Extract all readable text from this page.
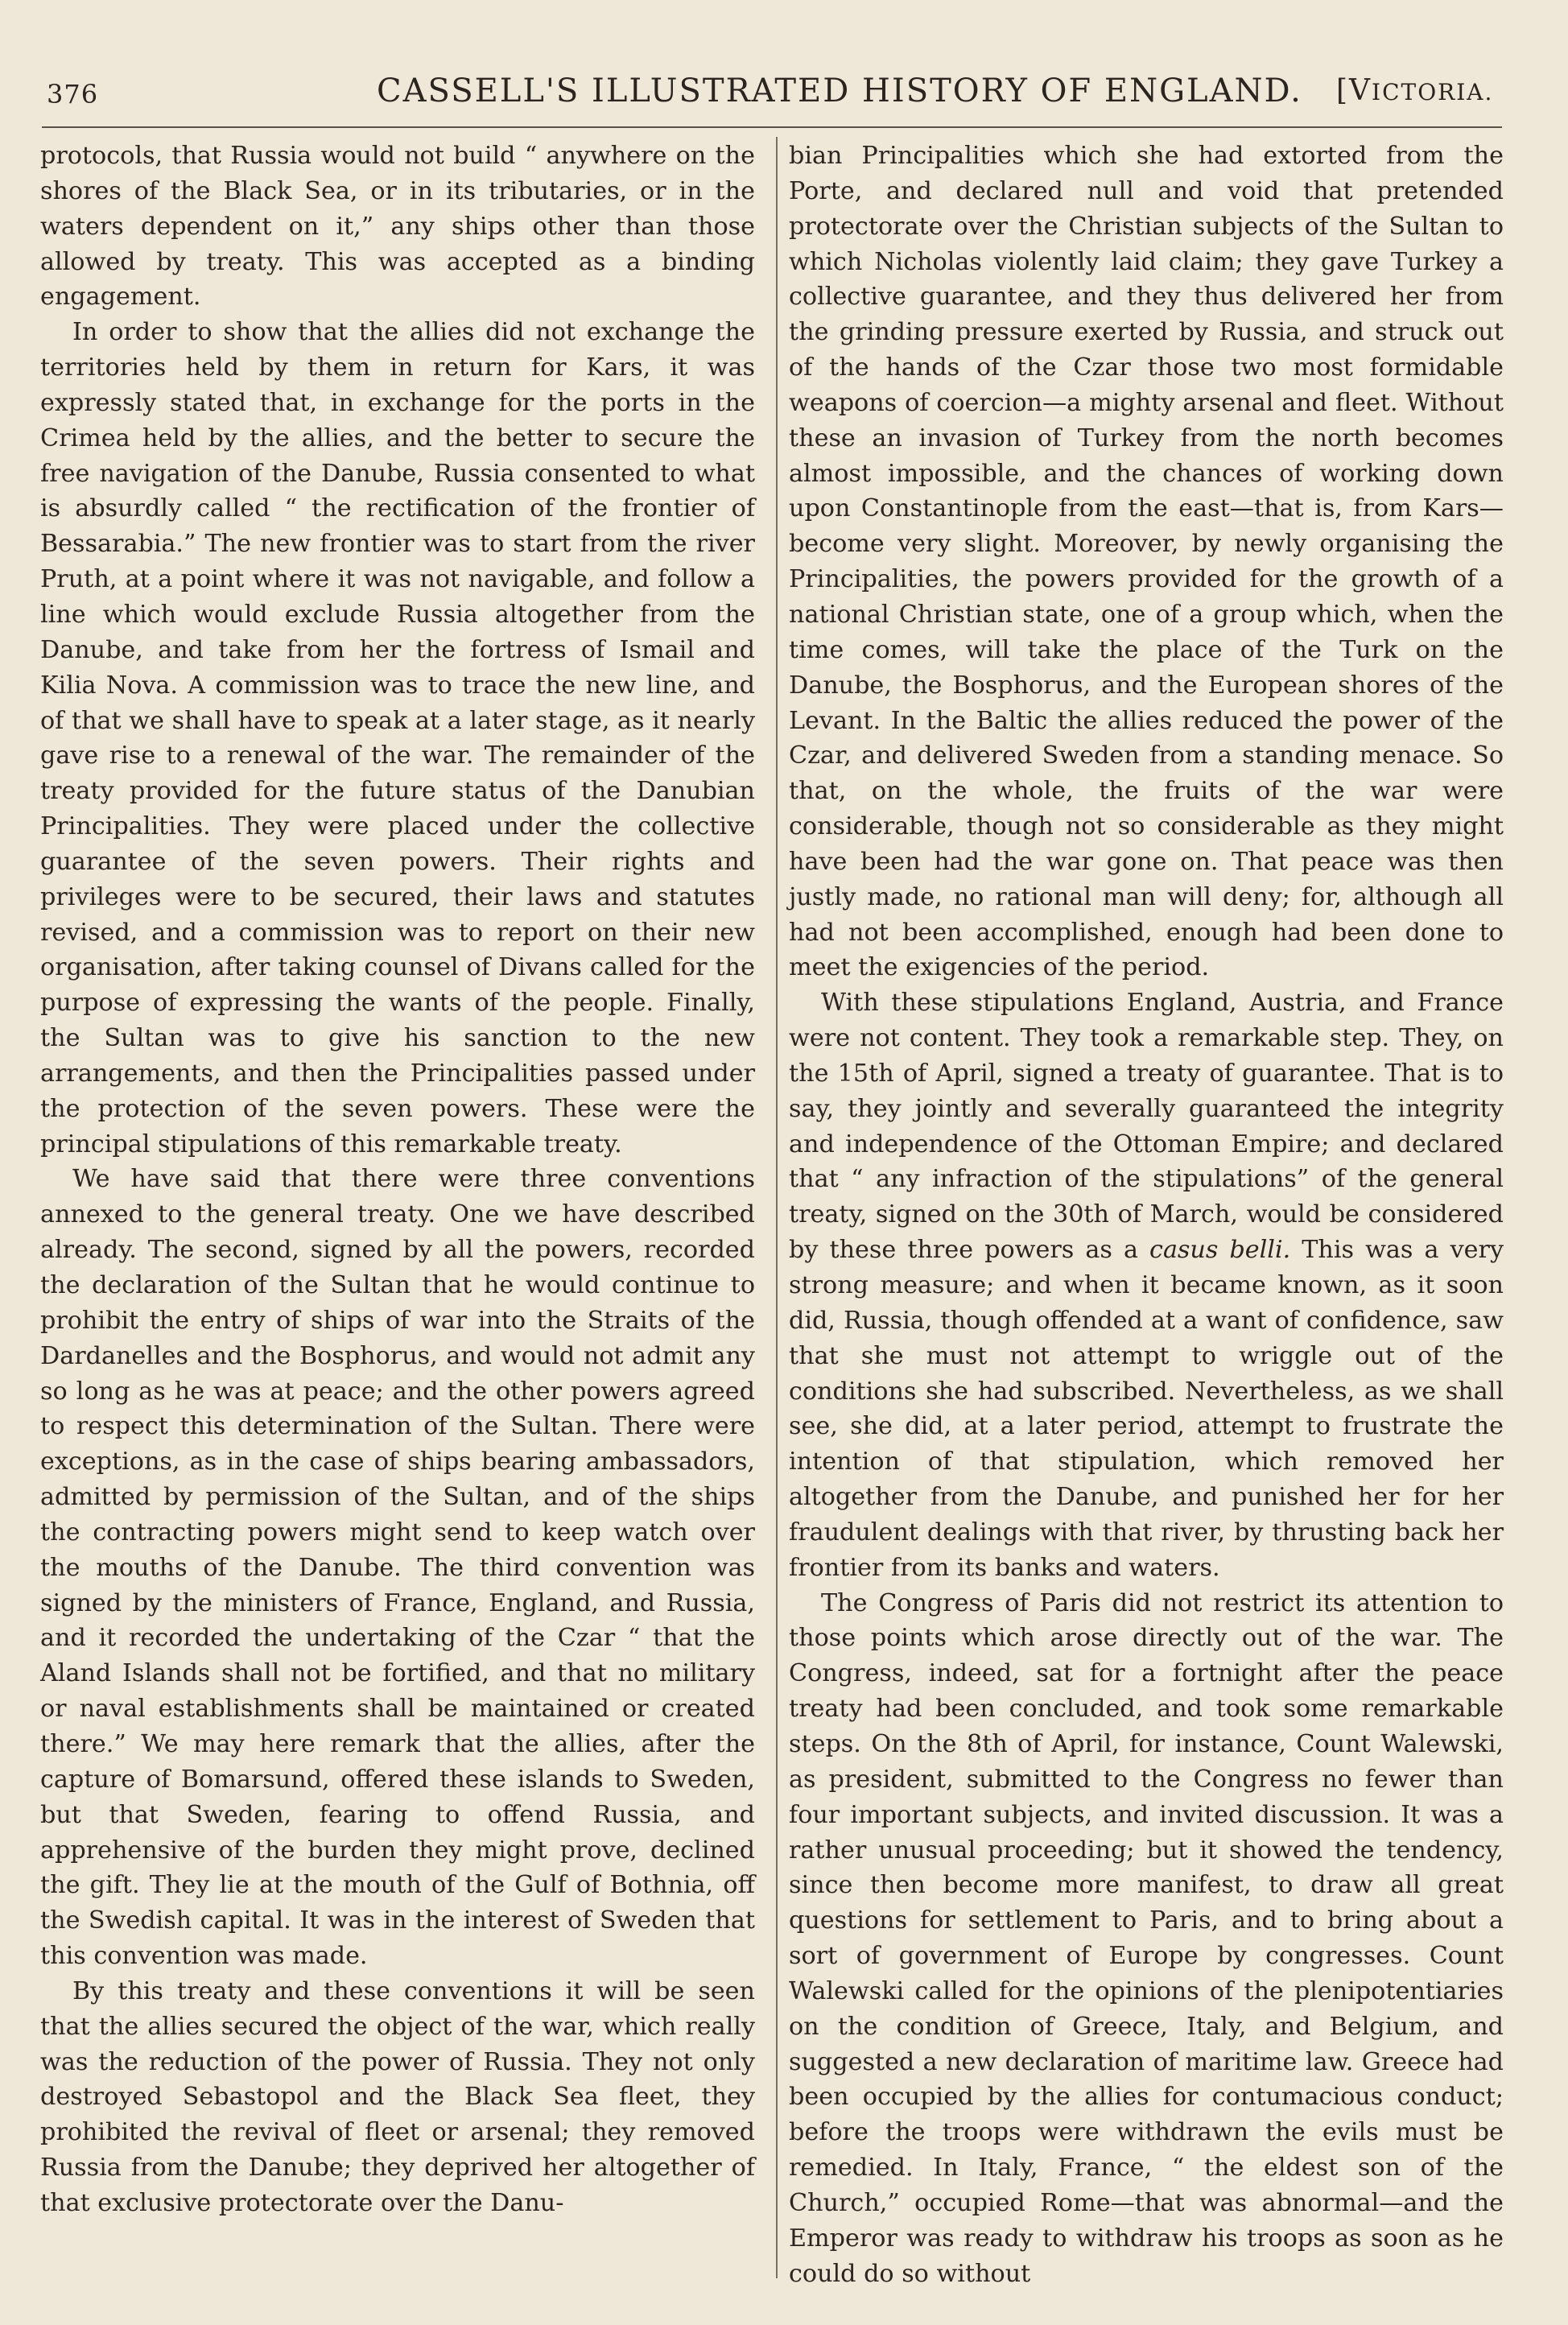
376	CASSELL'S ILLUSTRATED HISTORY OF ENGLAND. [VICTORIA.

protocols, that Russia would not build “ anywhere on the shores of the Black Sea, or in its tributaries, or in the waters dependent on it,” any ships other than those allowed by treaty. This was accepted as a binding engagement.

In order to show that the allies did not exchange the territories held by them in return for Kars, it was expressly stated that, in exchange for the ports in the Crimea held by the allies, and the better to secure the free navigation of the Danube, Russia consented to what is absurdly called “ the rectification of the frontier of Bessarabia.” The new frontier was to start from the river Pruth, at a point where it was not navigable, and follow a line which would exclude Russia altogether from the Danube, and take from her the fortress of Ismail and Kilia Nova. A commission was to trace the new line, and of that we shall have to speak at a later stage, as it nearly gave rise to a renewal of the war. The remainder of the treaty provided for the future status of the Danubian Principalities. They were placed under the collective guarantee of the seven powers. Their rights and privileges were to be secured, their laws and statutes revised, and a commission was to report on their new organisation, after taking counsel of Divans called for the purpose of expressing the wants of the people. Finally, the Sultan was to give his sanction to the new arrangements, and then the Principalities passed under the protection of the seven powers. These were the principal stipulations of this remarkable treaty.

We have said that there were three conventions annexed to the general treaty. One we have described already. The second, signed by all the powers, recorded the declaration of the Sultan that he would continue to prohibit the entry of ships of war into the Straits of the Dardanelles and the Bosphorus, and would not admit any so long as he was at peace; and the other powers agreed to respect this determination of the Sultan. There were exceptions, as in the case of ships bearing ambassadors, admitted by permission of the Sultan, and of the ships the contracting powers might send to keep watch over the mouths of the Danube. The third convention was signed by the ministers of France, England, and Russia, and it recorded the undertaking of the Czar “ that the Aland Islands shall not be fortified, and that no military or naval establishments shall be maintained or created there.” We may here remark that the allies, after the capture of Bomarsund, offered these islands to Sweden, but that Sweden, fearing to offend Russia, and apprehensive of the burden they might prove, declined the gift. They lie at the mouth of the Gulf of Bothnia, off the Swedish capital. It was in the interest of Sweden that this convention was made.

By this treaty and these conventions it will be seen that the allies secured the object of the war, which really was the reduction of the power of Russia. They not only destroyed Sebastopol and the Black Sea fleet, they prohibited the revival of fleet or arsenal; they removed Russia from the Danube; they deprived her altogether of that exclusive protectorate over the Danu-

bian Principalities which she had extorted from the Porte, and declared null and void that pretended protectorate over the Christian subjects of the Sultan to which Nicholas violently laid claim; they gave Turkey a collective guarantee, and they thus delivered her from the grinding pressure exerted by Russia, and struck out of the hands of the Czar those two most formidable weapons of coercion—a mighty arsenal and fleet. Without these an invasion of Turkey from the north becomes almost impossible, and the chances of working down upon Constantinople from the east—that is, from Kars—become very slight. Moreover, by newly organising the Principalities, the powers provided for the growth of a national Christian state, one of a group which, when the time comes, will take the place of the Turk on the Danube, the Bosphorus, and the European shores of the Levant. In the Baltic the allies reduced the power of the Czar, and delivered Sweden from a standing menace. So that, on the whole, the fruits of the war were considerable, though not so considerable as they might have been had the war gone on. That peace was then justly made, no rational man will deny; for, although all had not been accomplished, enough had been done to meet the exigencies of the period.

With these stipulations England, Austria, and France were not content. They took a remarkable step. They, on the 15th of April, signed a treaty of guarantee. That is to say, they jointly and severally guaranteed the integrity and independence of the Ottoman Empire; and declared that “ any infraction of the stipulations” of the general treaty, signed on the 30th of March, would be considered by these three powers as a casus belli. This was a very strong measure; and when it became known, as it soon did, Russia, though offended at a want of confidence, saw that she must not attempt to wriggle out of the conditions she had subscribed. Nevertheless, as we shall see, she did, at a later period, attempt to frustrate the intention of that stipulation, which removed her altogether from the Danube, and punished her for her fraudulent dealings with that river, by thrusting back her frontier from its banks and waters.

The Congress of Paris did not restrict its attention to those points which arose directly out of the war. The Congress, indeed, sat for a fortnight after the peace treaty had been concluded, and took some remarkable steps. On the 8th of April, for instance, Count Walewski, as president, submitted to the Congress no fewer than four important subjects, and invited discussion. It was a rather unusual proceeding; but it showed the tendency, since then become more manifest, to draw all great questions for settlement to Paris, and to bring about a sort of government of Europe by congresses. Count Walewski called for the opinions of the plenipotentiaries on the condition of Greece, Italy, and Belgium, and suggested a new declaration of maritime law. Greece had been occupied by the allies for contumacious conduct; before the troops were withdrawn the evils must be remedied. In Italy, France, “ the eldest son of the Church,” occupied Rome—that was abnormal—and the Emperor was ready to withdraw his troops as soon as he could do so without
